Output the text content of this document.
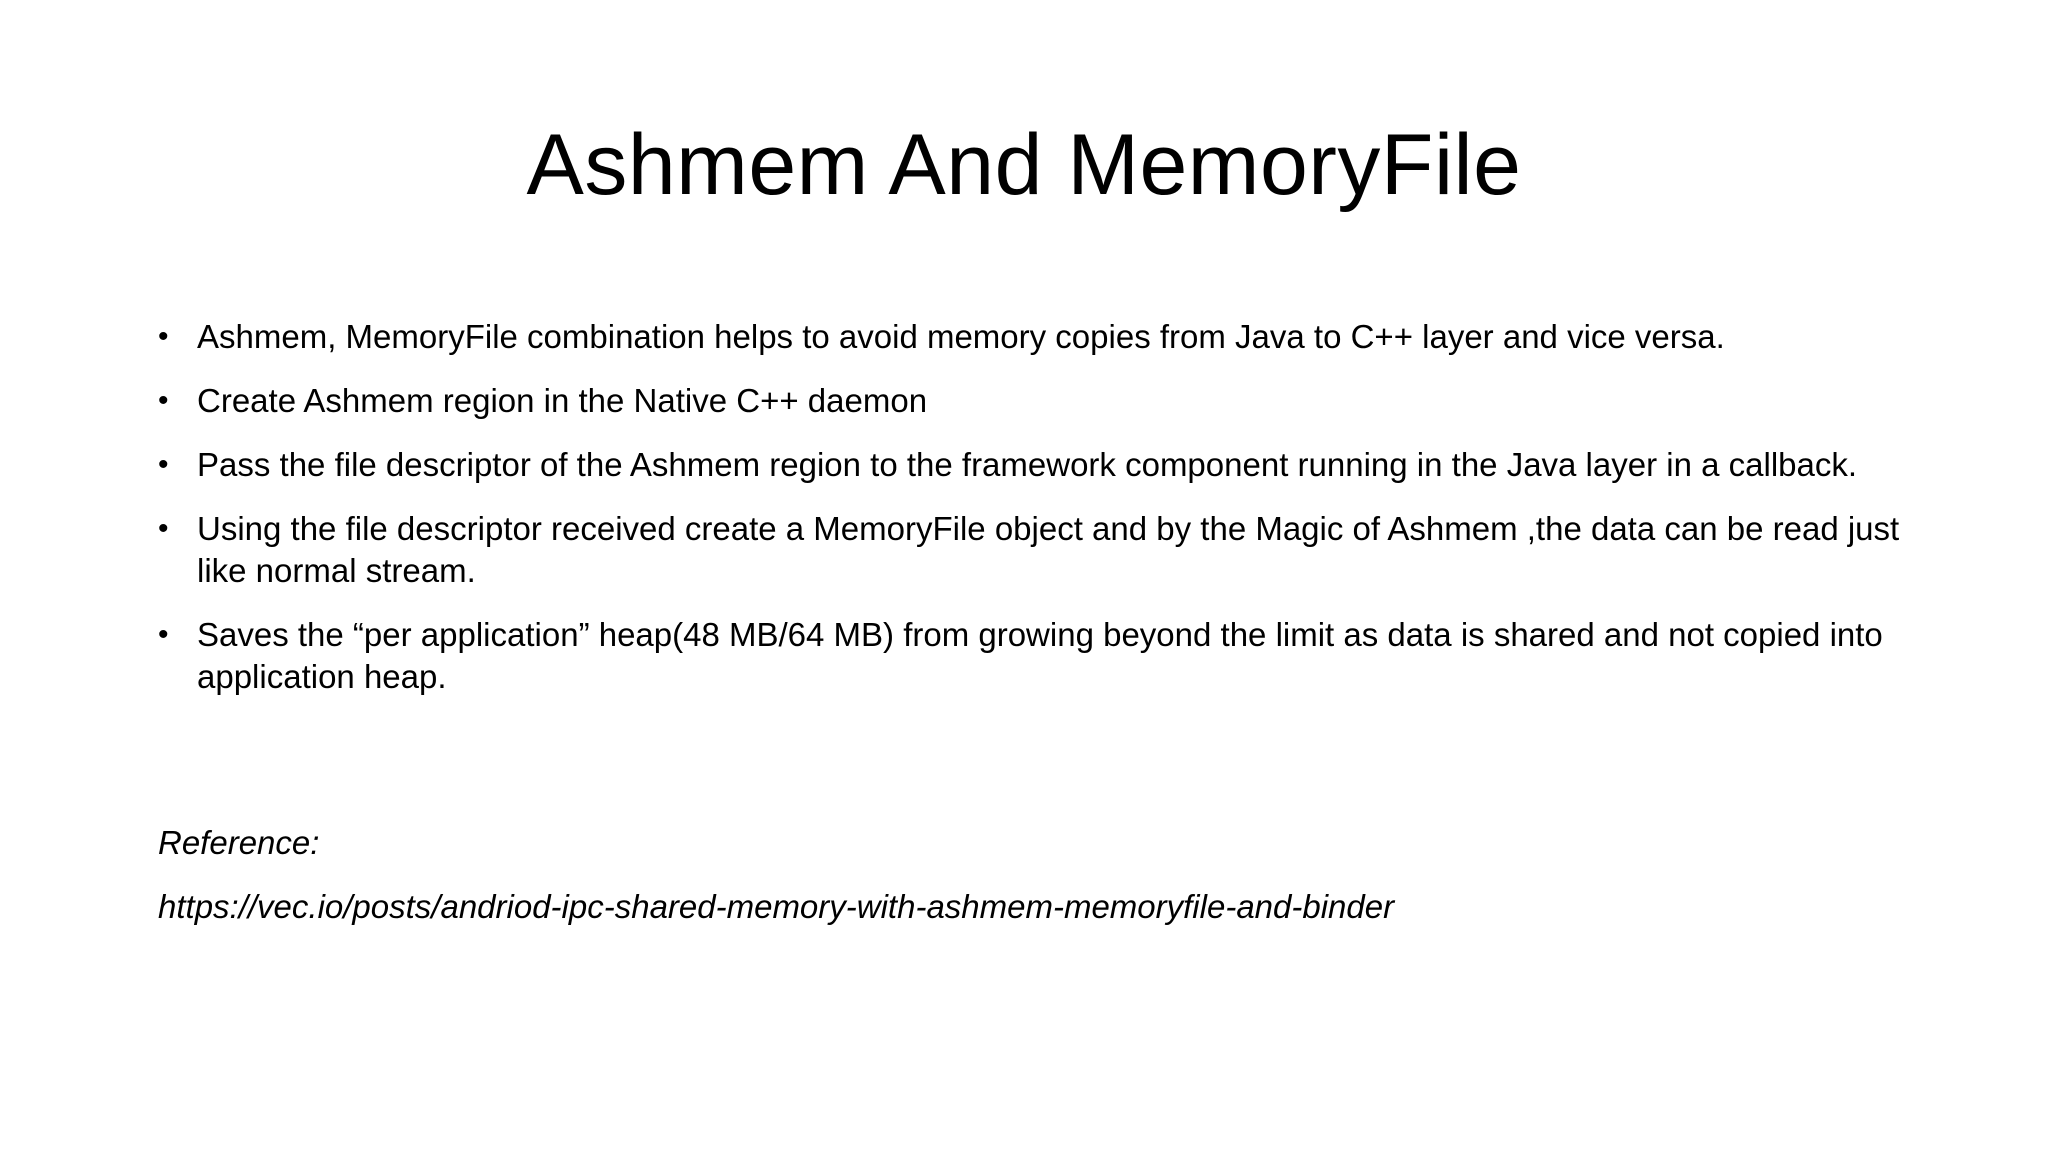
Ashmem And MemoryFile
• Ashmem, MemoryFile combination helps to avoid memory copies from Java to C++ layer and vice versa.
• Create Ashmem region in the Native C++ daemon
• Pass the file descriptor of the Ashmem region to the framework component running in the Java layer in a callback.
• Using the file descriptor received create a MemoryFile object and by the Magic of Ashmem ,the data can be read just like normal stream.
• Saves the “per application” heap(48 MB/64 MB) from growing beyond the limit as data is shared and not copied into application heap.
Reference:
https://vec.io/posts/andriod-ipc-shared-memory-with-ashmem-memoryfile-and-binder
